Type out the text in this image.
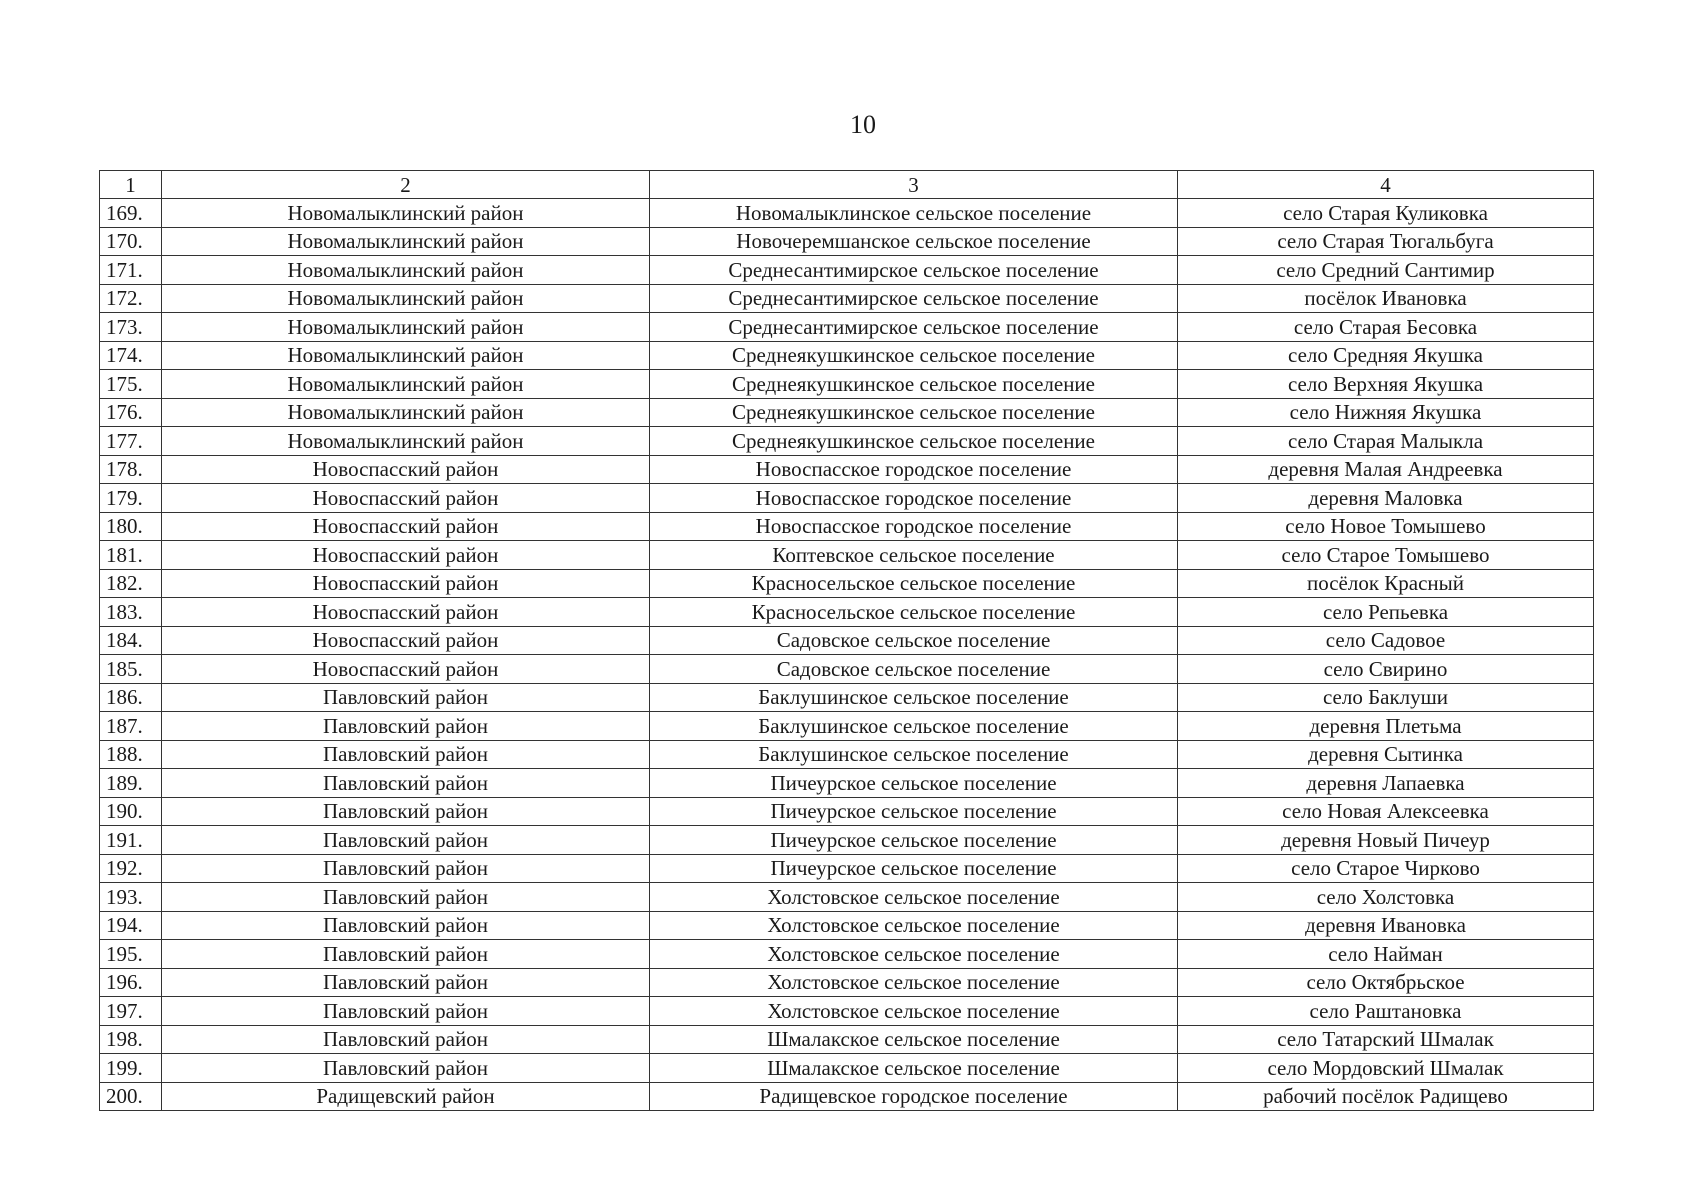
10
1	2	3	4
169.	Новомалыклинский район	Новомалыклинское сельское поселение	село Старая Куликовка
170.	Новомалыклинский район	Новочеремшанское сельское поселение	село Старая Тюгальбуга
171.	Новомалыклинский район	Среднесантимирское сельское поселение	село Средний Сантимир
172.	Новомалыклинский район	Среднесантимирское сельское поселение	посёлок Ивановка
173.	Новомалыклинский район	Среднесантимирское сельское поселение	село Старая Бесовка
174.	Новомалыклинский район	Среднеякушкинское сельское поселение	село Средняя Якушка
175.	Новомалыклинский район	Среднеякушкинское сельское поселение	село Верхняя Якушка
176.	Новомалыклинский район	Среднеякушкинское сельское поселение	село Нижняя Якушка
177.	Новомалыклинский район	Среднеякушкинское сельское поселение	село Старая Малыкла
178.	Новоспасский район	Новоспасское городское поселение	деревня Малая Андреевка
179.	Новоспасский район	Новоспасское городское поселение	деревня Маловка
180.	Новоспасский район	Новоспасское городское поселение	село Новое Томышево
181.	Новоспасский район	Коптевское сельское поселение	село Старое Томышево
182.	Новоспасский район	Красносельское сельское поселение	посёлок Красный
183.	Новоспасский район	Красносельское сельское поселение	село Репьевка
184.	Новоспасский район	Садовское сельское поселение	село Садовое
185.	Новоспасский район	Садовское сельское поселение	село Свирино
186.	Павловский район	Баклушинское сельское поселение	село Баклуши
187.	Павловский район	Баклушинское сельское поселение	деревня Плетьма
188.	Павловский район	Баклушинское сельское поселение	деревня Сытинка
189.	Павловский район	Пичеурское сельское поселение	деревня Лапаевка
190.	Павловский район	Пичеурское сельское поселение	село Новая Алексеевка
191.	Павловский район	Пичеурское сельское поселение	деревня Новый Пичеур
192.	Павловский район	Пичеурское сельское поселение	село Старое Чирково
193.	Павловский район	Холстовское сельское поселение	село Холстовка
194.	Павловский район	Холстовское сельское поселение	деревня Ивановка
195.	Павловский район	Холстовское сельское поселение	село Найман
196.	Павловский район	Холстовское сельское поселение	село Октябрьское
197.	Павловский район	Холстовское сельское поселение	село Раштановка
198.	Павловский район	Шмалакское сельское поселение	село Татарский Шмалак
199.	Павловский район	Шмалакское сельское поселение	село Мордовский Шмалак
200.	Радищевский район	Радищевское городское поселение	рабочий посёлок Радищево
